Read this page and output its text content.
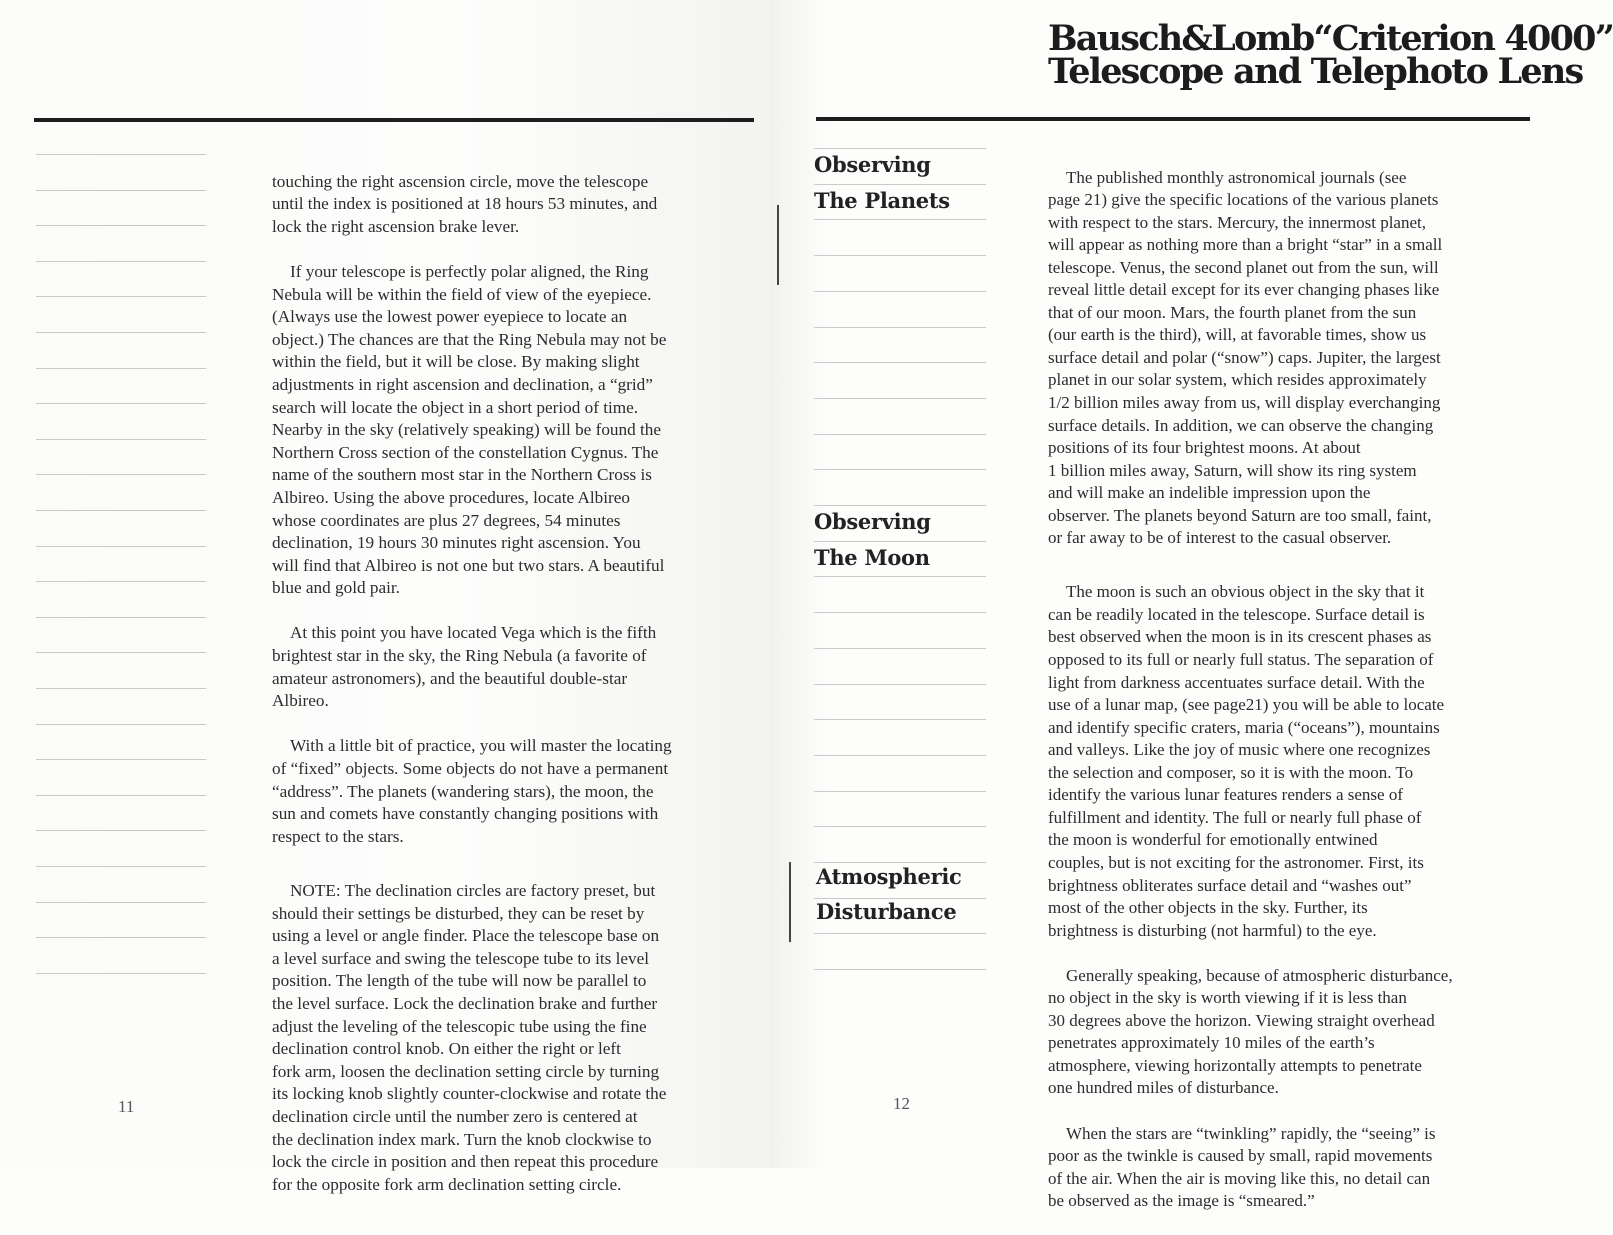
touching the right ascension circle, move the telescope
until the index is positioned at 18 hours 53 minutes, and
lock the right ascension brake lever.

If your telescope is perfectly polar aligned, the Ring
Nebula will be within the field of view of the eyepiece.
(Always use the lowest power eyepiece to locate an
object.) The chances are that the Ring Nebula may not be
within the field, but it will be close. By making slight
adjustments in right ascension and declination, a “grid”
search will locate the object in a short period of time.
Nearby in the sky (relatively speaking) will be found the
Northern Cross section of the constellation Cygnus. The
name of the southern most star in the Northern Cross is
Albireo. Using the above procedures, locate Albireo
whose coordinates are plus 27 degrees, 54 minutes
declination, 19 hours 30 minutes right ascension. You
will find that Albireo is not one but two stars. A beautiful
blue and gold pair.

At this point you have located Vega which is the fifth
brightest star in the sky, the Ring Nebula (a favorite of
amateur astronomers), and the beautiful double-star
Albireo.

With a little bit of practice, you will master the locating
of “fixed” objects. Some objects do not have a permanent
“address”. The planets (wandering stars), the moon, the
sun and comets have constantly changing positions with
respect to the stars.

NOTE: The declination circles are factory preset, but
should their settings be disturbed, they can be reset by
using a level or angle finder. Place the telescope base on
a level surface and swing the telescope tube to its level
position. The length of the tube will now be parallel to
the level surface. Lock the declination brake and further
adjust the leveling of the telescopic tube using the fine
declination control knob. On either the right or left
fork arm, loosen the declination setting circle by turning
its locking knob slightly counter-clockwise and rotate the
declination circle until the number zero is centered at
the declination index mark. Turn the knob clockwise to
lock the circle in position and then repeat this procedure
for the opposite fork arm declination setting circle.

11
Bausch&Lomb“Criterion 4000”
Telescope and Telephoto Lens
Observing
The Planets
Observing
The Moon
Atmospheric
Disturbance

The published monthly astronomical journals (see
page 21) give the specific locations of the various planets
with respect to the stars. Mercury, the innermost planet,
will appear as nothing more than a bright “star” in a small
telescope. Venus, the second planet out from the sun, will
reveal little detail except for its ever changing phases like
that of our moon. Mars, the fourth planet from the sun
(our earth is the third), will, at favorable times, show us
surface detail and polar (“snow”) caps. Jupiter, the largest
planet in our solar system, which resides approximately
1/2 billion miles away from us, will display everchanging
surface details. In addition, we can observe the changing
positions of its four brightest moons. At about
1 billion miles away, Saturn, will show its ring system
and will make an indelible impression upon the
observer. The planets beyond Saturn are too small, faint,
or far away to be of interest to the casual observer.

The moon is such an obvious object in the sky that it
can be readily located in the telescope. Surface detail is
best observed when the moon is in its crescent phases as
opposed to its full or nearly full status. The separation of
light from darkness accentuates surface detail. With the
use of a lunar map, (see page21) you will be able to locate
and identify specific craters, maria (“oceans”), mountains
and valleys. Like the joy of music where one recognizes
the selection and composer, so it is with the moon. To
identify the various lunar features renders a sense of
fulfillment and identity. The full or nearly full phase of
the moon is wonderful for emotionally entwined
couples, but is not exciting for the astronomer. First, its
brightness obliterates surface detail and “washes out”
most of the other objects in the sky. Further, its
brightness is disturbing (not harmful) to the eye.

Generally speaking, because of atmospheric disturbance,
no object in the sky is worth viewing if it is less than
30 degrees above the horizon. Viewing straight overhead
penetrates approximately 10 miles of the earth’s
atmosphere, viewing horizontally attempts to penetrate
one hundred miles of disturbance.

When the stars are “twinkling” rapidly, the “seeing” is
poor as the twinkle is caused by small, rapid movements
of the air. When the air is moving like this, no detail can
be observed as the image is “smeared.”

12
